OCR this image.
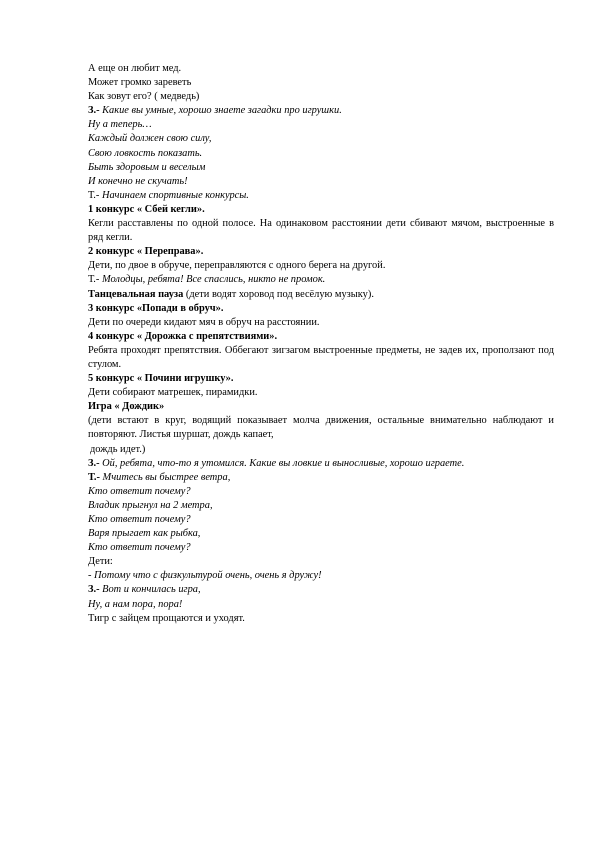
А еще он любит мед.

Может громко зареветь

Как зовут его? ( медведь)

З.- Какие вы умные, хорошо знаете загадки про игрушки.

Ну а теперь…

Каждый должен свою силу,

Свою ловкость показать.

Быть здоровым и веселым

И конечно не скучать!

Т.- Начинаем спортивные конкурсы.

1 конкурс « Сбей кегли».

Кегли расставлены по одной полосе. На одинаковом расстоянии дети сбивают мячом, выстроенные в ряд кегли.

2 конкурс « Переправа».

Дети, по двое в обруче, переправляются с одного берега на другой.

Т.- Молодцы, ребята! Все спаслись, никто не промок.

Танцевальная пауза (дети водят хоровод под весёлую музыку).

3 конкурс «Попади в обруч».

Дети по очереди кидают мяч в обруч на расстоянии.

4 конкурс « Дорожка с препятствиями».

Ребята проходят препятствия. Оббегают зигзагом выстроенные предметы, не задев их, проползают под стулом.

5 конкурс « Почини игрушку».

Дети собирают матрешек, пирамидки.

Игра « Дождик»

(дети встают в круг, водящий показывает молча движения, остальные внимательно наблюдают и повторяют. Листья шуршат, дождь капает,

дождь идет.)

З.- Ой, ребята, что-то я утомился. Какие вы ловкие и выносливые, хорошо играете.

Т.- Мчитесь вы быстрее ветра,

Кто ответит почему?

Владик прыгнул на 2 метра,

Кто ответит почему?

Варя прыгает как рыбка,

Кто ответит почему?

Дети:

- Потому что с физкультурой очень, очень я дружу!

З.- Вот и кончилась игра,

Ну, а нам пора, пора!

Тигр с зайцем прощаются и уходят.
